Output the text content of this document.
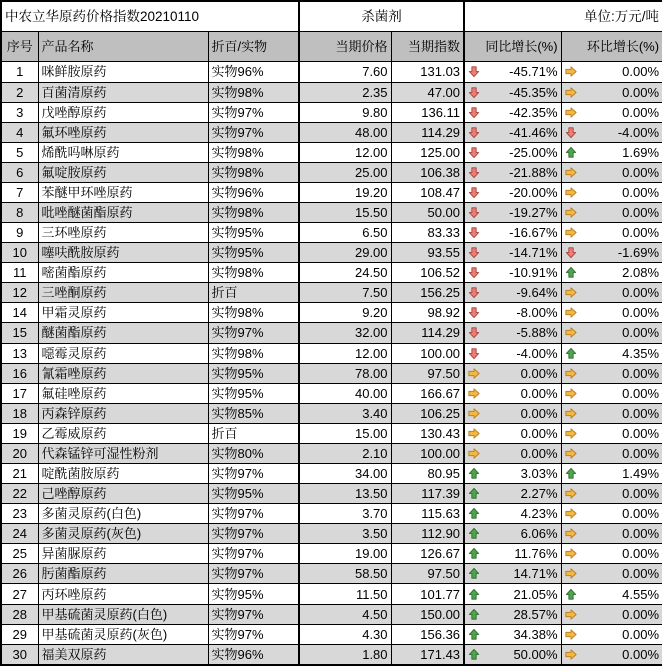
中农立华原药价格指数20210110			杀菌剂		单位:万元/吨	
序号	产品名称	折百/实物	当期价格	当期指数	同比增长(%)	环比增长(%)
1	咪鲜胺原药	实物96%	7.60	131.03	-45.71%	0.00%

2	百菌清原药	实物98%	2.35	47.00	-45.35%	0.00%

3	戊唑醇原药	实物97%	9.80	136.11	-42.35%	0.00%

4	氟环唑原药	实物97%	48.00	114.29	-41.46%	-4.00%

5	烯酰吗啉原药	实物98%	12.00	125.00	-25.00%	1.69%

6	氟啶胺原药	实物98%	25.00	106.38	-21.88%	0.00%

7	苯醚甲环唑原药	实物96%	19.20	108.47	-20.00%	0.00%

8	吡唑醚菌酯原药	实物98%	15.50	50.00	-19.27%	0.00%

9	三环唑原药	实物95%	6.50	83.33	-16.67%	0.00%

10	噻呋酰胺原药	实物95%	29.00	93.55	-14.71%	-1.69%

11	嘧菌酯原药	实物98%	24.50	106.52	-10.91%	2.08%

12	三唑酮原药	折百	7.50	156.25	-9.64%	0.00%

14	甲霜灵原药	实物98%	9.20	98.92	-8.00%	0.00%

15	醚菌酯原药	实物97%	32.00	114.29	-5.88%	0.00%

13	噁霉灵原药	实物98%	12.00	100.00	-4.00%	4.35%

16	氰霜唑原药	实物95%	78.00	97.50	0.00%	0.00%

17	氟硅唑原药	实物95%	40.00	166.67	0.00%	0.00%

18	丙森锌原药	实物85%	3.40	106.25	0.00%	0.00%

19	乙霉威原药	折百	15.00	130.43	0.00%	0.00%

20	代森锰锌可湿性粉剂	实物80%	2.10	100.00	0.00%	0.00%

21	啶酰菌胺原药	实物97%	34.00	80.95	3.03%	1.49%

22	己唑醇原药	实物95%	13.50	117.39	2.27%	0.00%

23	多菌灵原药(白色)	实物97%	3.70	115.63	4.23%	0.00%

24	多菌灵原药(灰色)	实物97%	3.50	112.90	6.06%	0.00%

25	异菌脲原药	实物97%	19.00	126.67	11.76%	0.00%

26	肟菌酯原药	实物97%	58.50	97.50	14.71%	0.00%

27	丙环唑原药	实物95%	11.50	101.77	21.05%	4.55%

28	甲基硫菌灵原药(白色)	实物97%	4.50	150.00	28.57%	0.00%

29	甲基硫菌灵原药(灰色)	实物97%	4.30	156.36	34.38%	0.00%

30	福美双原药	实物96%	1.80	171.43	50.00%	0.00%
